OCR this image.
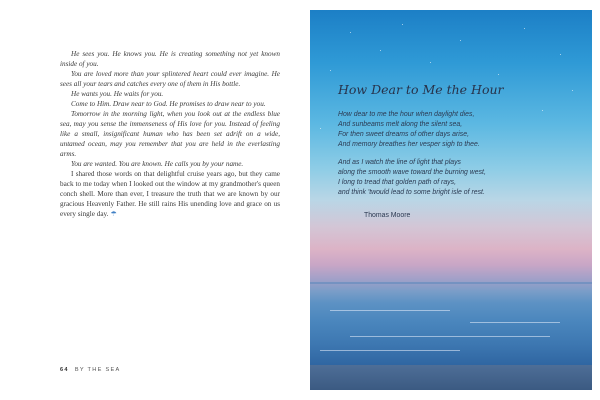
He sees you. He knows you. He is creating something not yet known inside of you.

You are loved more than your splintered heart could ever imagine. He sees all your tears and catches every one of them in His bottle.

He wants you. He waits for you.

Come to Him. Draw near to God. He promises to draw near to you.

Tomorrow in the morning light, when you look out at the endless blue sea, may you sense the immenseness of His love for you. Instead of feeling like a small, insignificant human who has been set adrift on a wide, untamed ocean, may you remember that you are held in the everlasting arms.

You are wanted. You are known. He calls you by your name.

I shared those words on that delightful cruise years ago, but they came back to me today when I looked out the window at my grandmother's queen conch shell. More than ever, I treasure the truth that we are known by our gracious Heavenly Father. He still rains His unending love and grace on us every single day. ☂

64 BY THE SEA
How Dear to Me the Hour

How dear to me the hour when daylight dies,
And sunbeams melt along the silent sea,
For then sweet dreams of other days arise,
And memory breathes her vesper sigh to thee.

And as I watch the line of light that plays
along the smooth wave toward the burning west,
I long to tread that golden path of rays,
and think 'twould lead to some bright isle of rest.

Thomas Moore
